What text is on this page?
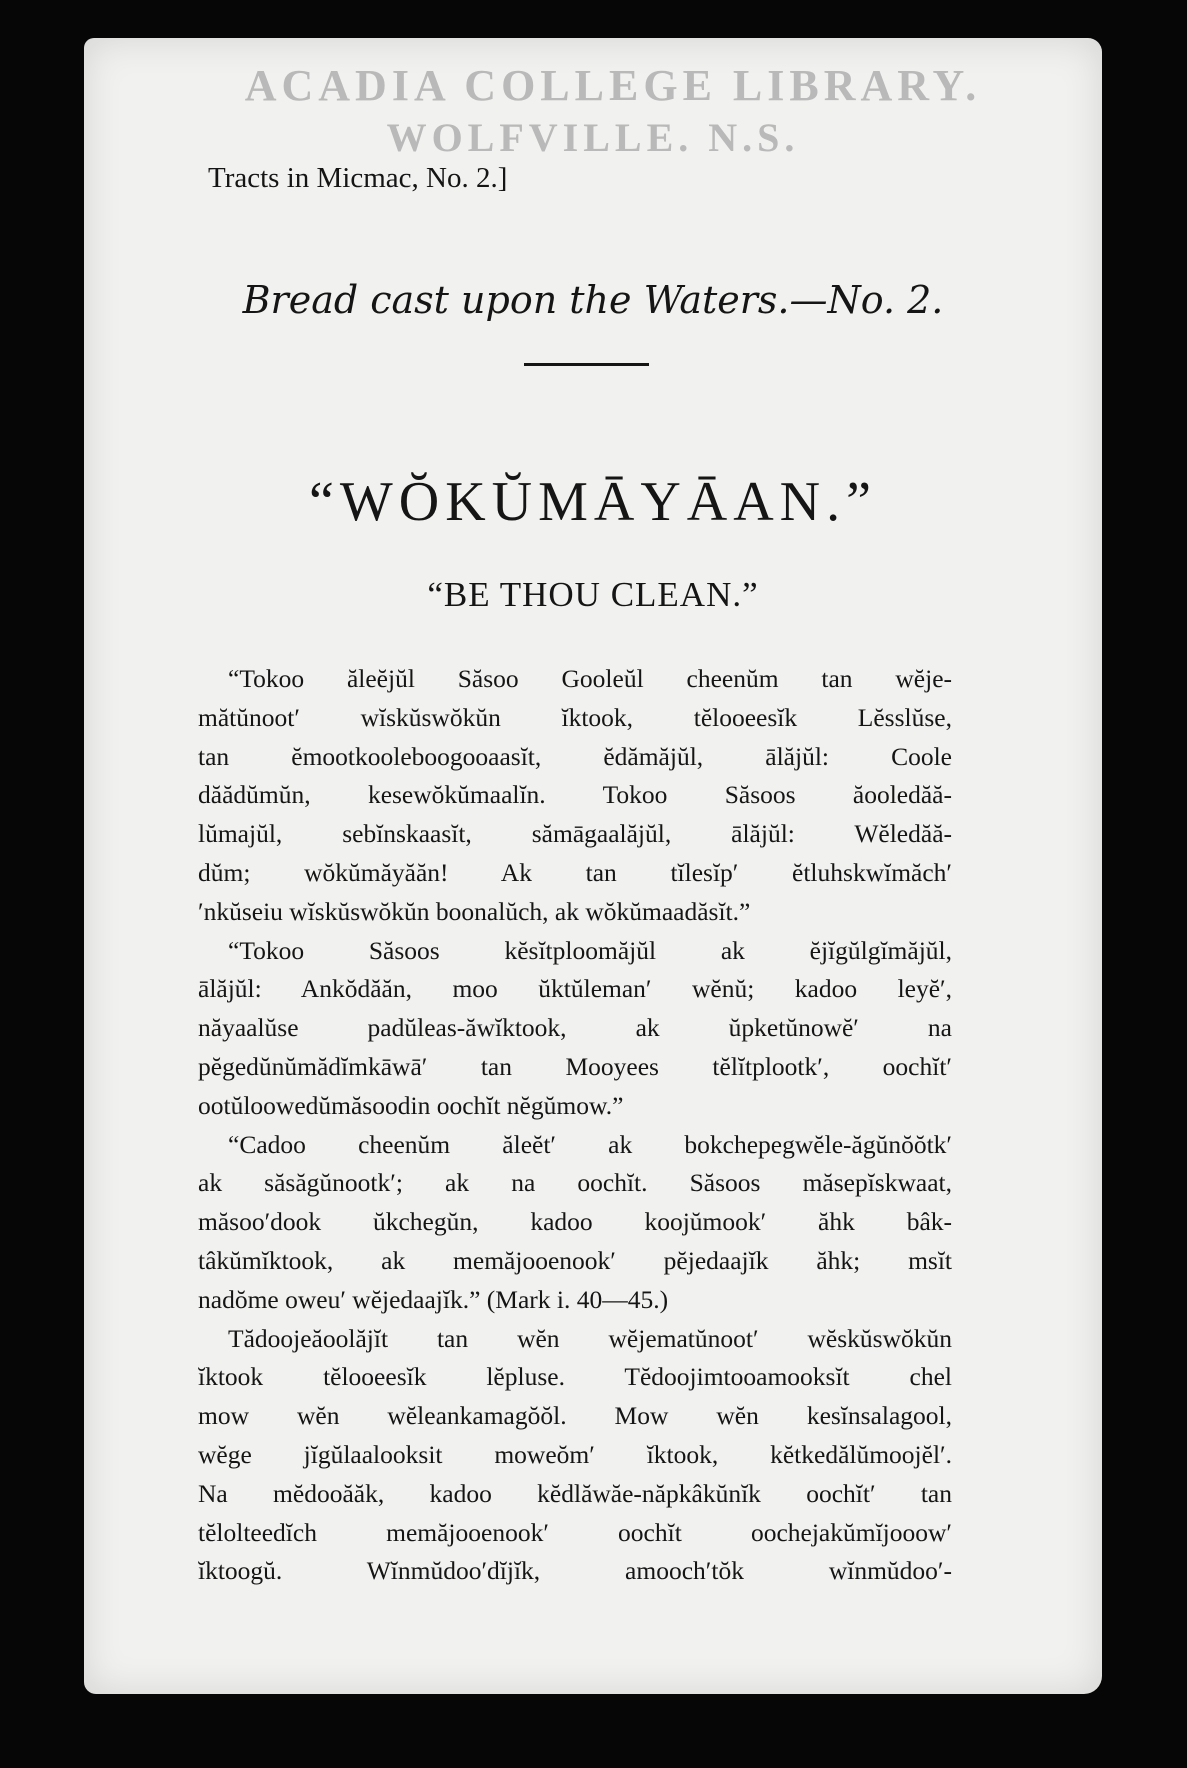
ACADIA COLLEGE LIBRARY.
WOLFVILLE. N.S.

Tracts in Micmac, No. 2.]

Bread cast upon the Waters.—No. 2.

“WŎKŬMĀYĀAN.”
“BE THOU CLEAN.”
“Tokoo ăleĕjŭl Săsoo Gooleŭl cheenŭm tan wĕje-
mătŭnoot′ wĭskŭswŏkŭn ĭktook, tĕlooeesĭk Lĕsslŭse,
tan ĕmootkooleboogooaasĭt, ĕdămăjŭl, ālăjŭl: Coole
dăădŭmŭn, kesewŏkŭmaalĭn. Tokoo Săsoos ăooledăă-
lŭmajŭl, sebĭnskaasĭt, sămāgaalăjŭl, ālăjŭl: Wĕledăă-
dŭm; wŏkŭmăyăăn! Ak tan tĭlesĭp′ ĕtluhskwĭmăch′
′nkŭseiu wĭskŭswŏkŭn boonalŭch, ak wŏkŭmaadăsĭt.”
“Tokoo Săsoos kĕsĭtploomăjŭl ak ĕjĭgŭlgĭmăjŭl,
ālăjŭl: Ankŏdăăn, moo ŭktŭleman′ wĕnŭ; kadoo leyĕ′,
năyaalŭse padŭleas-ăwĭktook, ak ŭpketŭnowĕ′ na
pĕgedŭnŭmădĭmkāwā′ tan Mooyees tĕlĭtplootk′, oochĭt′
ootŭloowedŭmăsoodin oochĭt nĕgŭmow.”
“Cadoo cheenŭm ăleĕt′ ak bokchepegwĕle-ăgŭnŏŏtk′
ak săsăgŭnootk′; ak na oochĭt. Săsoos măsepĭskwaat,
măsoo′dook ŭkchegŭn, kadoo koojŭmook′ ăhk bâk-
tâkŭmĭktook, ak memăjooenook′ pĕjedaajĭk ăhk; msĭt
nadŏme oweu′ wĕjedaajĭk.” (Mark i. 40—45.)
Tădoojeăoolăjĭt tan wĕn wĕjematŭnoot′ wĕskŭswŏkŭn
ĭktook tĕlooeesĭk lĕpluse. Tĕdoojimtooamooksĭt chel
mow wĕn wĕleankamagŏŏl. Mow wĕn kesĭnsalagool,
wĕge jĭgŭlaalooksit moweŏm′ ĭktook, kĕtkedălŭmoojĕl′.
Na mĕdooăăk, kadoo kĕdlăwăe-năpkâkŭnĭk oochĭt′ tan
tĕlolteedĭch memăjooenook′ oochĭt oochejakŭmĭjooow′
ĭktoogŭ. Wĭnmŭdoo′dĭjĭk, amooch′tŏk wĭnmŭdoo′-
